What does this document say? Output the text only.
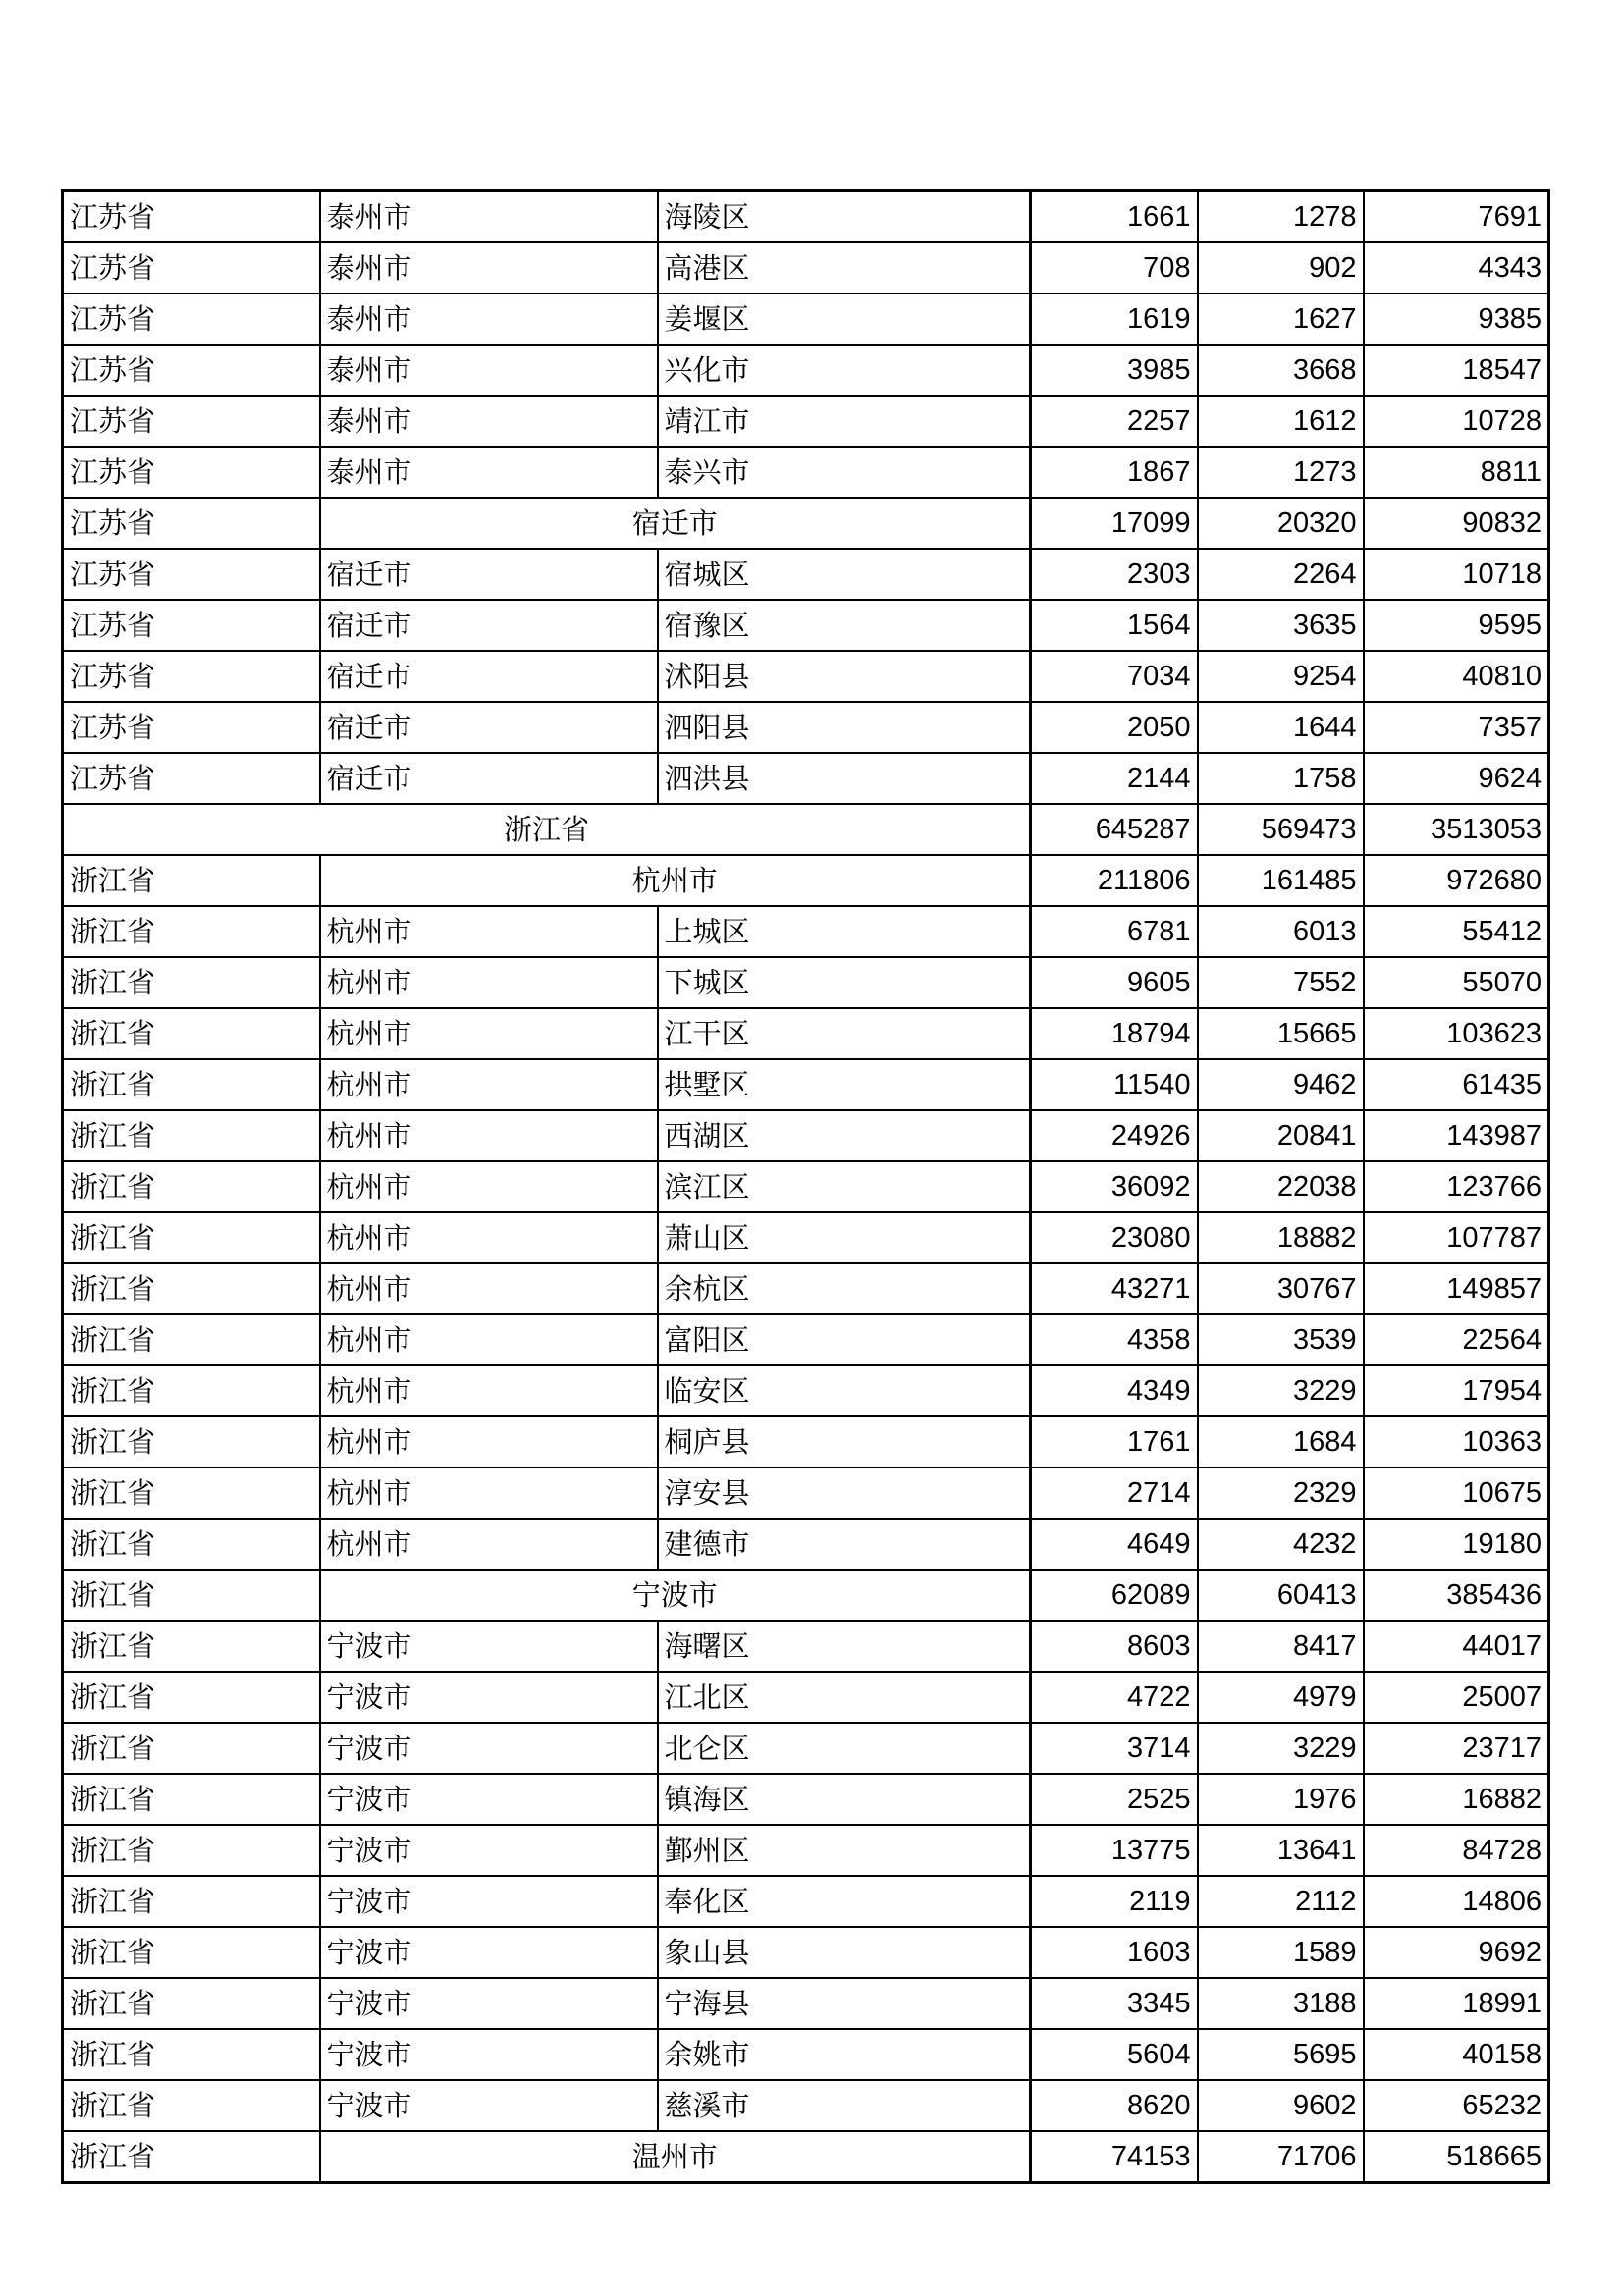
江苏省	泰州市	海陵区	1661	1278	7691
江苏省	泰州市	高港区	708	902	4343
江苏省	泰州市	姜堰区	1619	1627	9385
江苏省	泰州市	兴化市	3985	3668	18547
江苏省	泰州市	靖江市	2257	1612	10728
江苏省	泰州市	泰兴市	1867	1273	8811
江苏省	宿迁市		17099	20320	90832
江苏省	宿迁市	宿城区	2303	2264	10718
江苏省	宿迁市	宿豫区	1564	3635	9595
江苏省	宿迁市	沭阳县	7034	9254	40810
江苏省	宿迁市	泗阳县	2050	1644	7357
江苏省	宿迁市	泗洪县	2144	1758	9624
浙江省			645287	569473	3513053
浙江省	杭州市		211806	161485	972680
浙江省	杭州市	上城区	6781	6013	55412
浙江省	杭州市	下城区	9605	7552	55070
浙江省	杭州市	江干区	18794	15665	103623
浙江省	杭州市	拱墅区	11540	9462	61435
浙江省	杭州市	西湖区	24926	20841	143987
浙江省	杭州市	滨江区	36092	22038	123766
浙江省	杭州市	萧山区	23080	18882	107787
浙江省	杭州市	余杭区	43271	30767	149857
浙江省	杭州市	富阳区	4358	3539	22564
浙江省	杭州市	临安区	4349	3229	17954
浙江省	杭州市	桐庐县	1761	1684	10363
浙江省	杭州市	淳安县	2714	2329	10675
浙江省	杭州市	建德市	4649	4232	19180
浙江省	宁波市		62089	60413	385436
浙江省	宁波市	海曙区	8603	8417	44017
浙江省	宁波市	江北区	4722	4979	25007
浙江省	宁波市	北仑区	3714	3229	23717
浙江省	宁波市	镇海区	2525	1976	16882
浙江省	宁波市	鄞州区	13775	13641	84728
浙江省	宁波市	奉化区	2119	2112	14806
浙江省	宁波市	象山县	1603	1589	9692
浙江省	宁波市	宁海县	3345	3188	18991
浙江省	宁波市	余姚市	5604	5695	40158
浙江省	宁波市	慈溪市	8620	9602	65232
浙江省	温州市		74153	71706	518665
